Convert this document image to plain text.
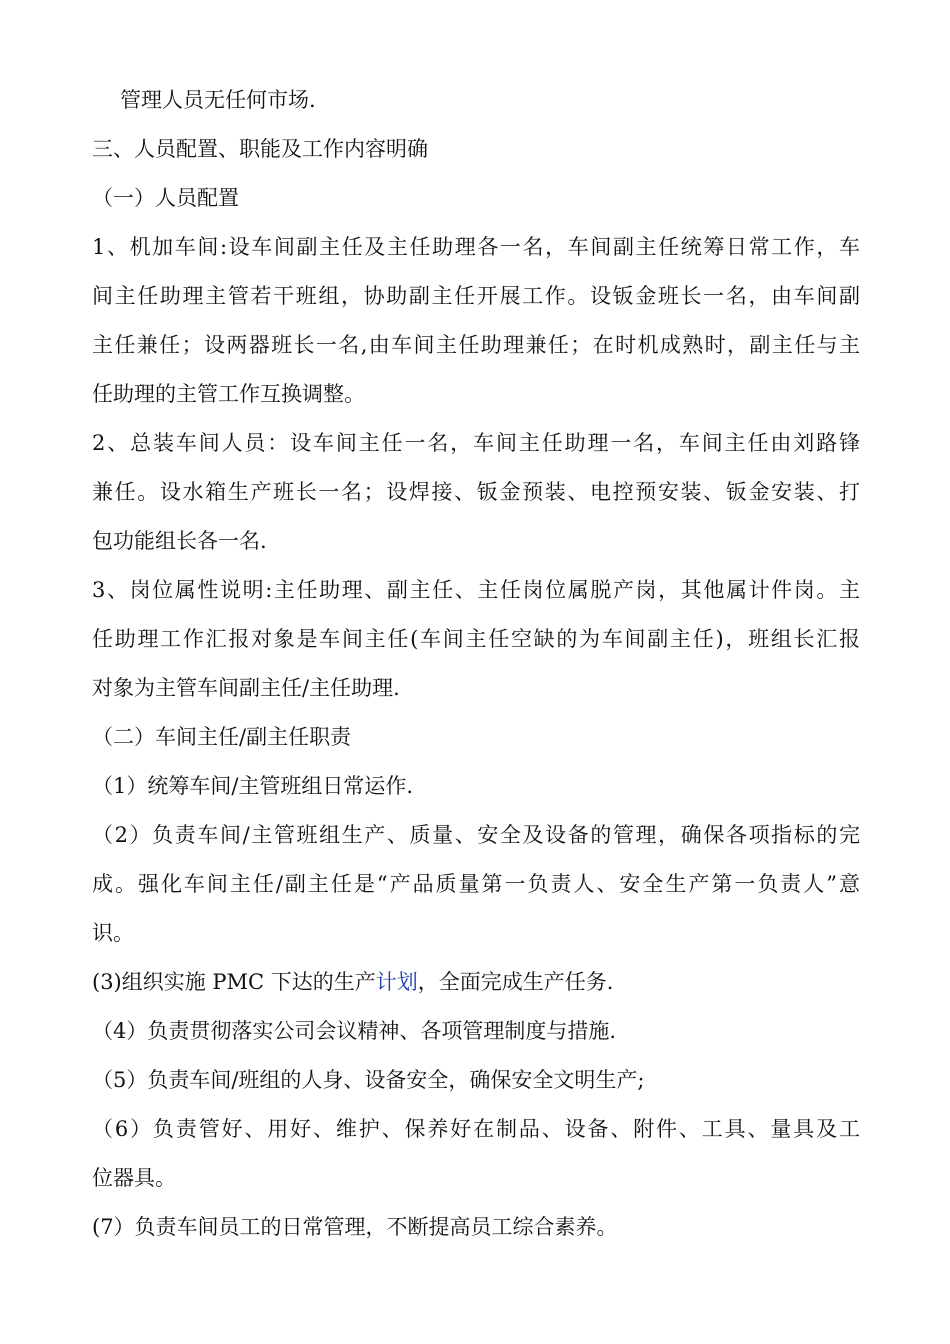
管理人员无任何市场.
三、人员配置、职能及工作内容明确
（一）人员配置
1、机加车间:设车间副主任及主任助理各一名，车间副主任统筹日常工作，车
间主任助理主管若干班组，协助副主任开展工作。设钣金班长一名，由车间副
主任兼任；设两器班长一名,由车间主任助理兼任；在时机成熟时，副主任与主
任助理的主管工作互换调整。
2、总装车间人员：设车间主任一名，车间主任助理一名，车间主任由刘路锋
兼任。设水箱生产班长一名；设焊接、钣金预装、电控预安装、钣金安装、打
包功能组长各一名.
3、岗位属性说明:主任助理、副主任、主任岗位属脱产岗，其他属计件岗。主
任助理工作汇报对象是车间主任(车间主任空缺的为车间副主任)，班组长汇报
对象为主管车间副主任/主任助理.
（二）车间主任/副主任职责
（1）统筹车间/主管班组日常运作.
（2）负责车间/主管班组生产、质量、安全及设备的管理，确保各项指标的完
成。强化车间主任/副主任是“产品质量第一负责人、安全生产第一负责人”意
识。
(3)组织实施 PMC 下达的生产计划，全面完成生产任务.
（4）负责贯彻落实公司会议精神、各项管理制度与措施.
（5）负责车间/班组的人身、设备安全，确保安全文明生产;
（6）负责管好、用好、维护、保养好在制品、设备、附件、工具、量具及工
位器具。
(7）负责车间员工的日常管理，不断提高员工综合素养。
